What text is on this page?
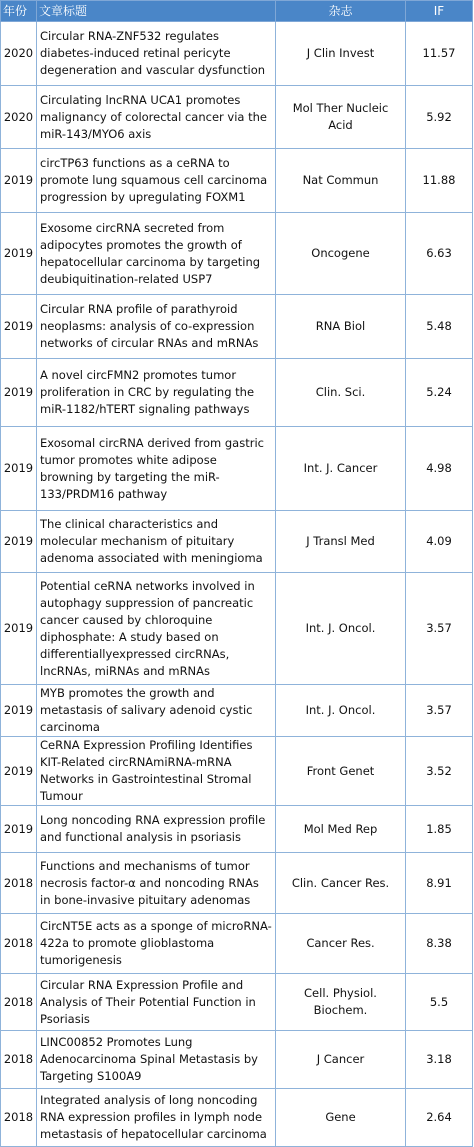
年份	文章标题	杂志	IF
2020	Circular RNA-ZNF532 regulates diabetes-induced retinal pericyte degeneration and vascular dysfunction	J Clin Invest	11.57
2020	Circulating lncRNA UCA1 promotes malignancy of colorectal cancer via the miR-143/MYO6 axis	Mol Ther Nucleic Acid	5.92
2019	circTP63 functions as a ceRNA to promote lung squamous cell carcinoma progression by upregulating FOXM1	Nat Commun	11.88
2019	Exosome circRNA secreted from adipocytes promotes the growth of hepatocellular carcinoma by targeting deubiquitination-related USP7	Oncogene	6.63
2019	Circular RNA profile of parathyroid neoplasms: analysis of co-expression networks of circular RNAs and mRNAs	RNA Biol	5.48
2019	A novel circFMN2 promotes tumor proliferation in CRC by regulating the miR-1182/hTERT signaling pathways	Clin. Sci.	5.24
2019	Exosomal circRNA derived from gastric tumor promotes white adipose browning by targeting the miR-133/PRDM16 pathway	Int. J. Cancer	4.98
2019	The clinical characteristics and molecular mechanism of pituitary adenoma associated with meningioma	J Transl Med	4.09
2019	Potential ceRNA networks involved in autophagy suppression of pancreatic cancer caused by chloroquine diphosphate: A study based on differentiallyexpressed circRNAs, lncRNAs, miRNAs and mRNAs	Int. J. Oncol.	3.57
2019	MYB promotes the growth and metastasis of salivary adenoid cystic carcinoma	Int. J. Oncol.	3.57
2019	CeRNA Expression Profiling Identifies KIT-Related circRNAmiRNA-mRNA Networks in Gastrointestinal Stromal Tumour	Front Genet	3.52
2019	Long noncoding RNA expression profile and functional analysis in psoriasis	Mol Med Rep	1.85
2018	Functions and mechanisms of tumor necrosis factor-α and noncoding RNAs in bone-invasive pituitary adenomas	Clin. Cancer Res.	8.91
2018	CircNT5E acts as a sponge of microRNA-422a to promote glioblastoma tumorigenesis	Cancer Res.	8.38
2018	Circular RNA Expression Profile and Analysis of Their Potential Function in Psoriasis	Cell. Physiol. Biochem.	5.5
2018	LINC00852 Promotes Lung Adenocarcinoma Spinal Metastasis by Targeting S100A9	J Cancer	3.18
2018	Integrated analysis of long noncoding RNA expression profiles in lymph node metastasis of hepatocellular carcinoma	Gene	2.64
